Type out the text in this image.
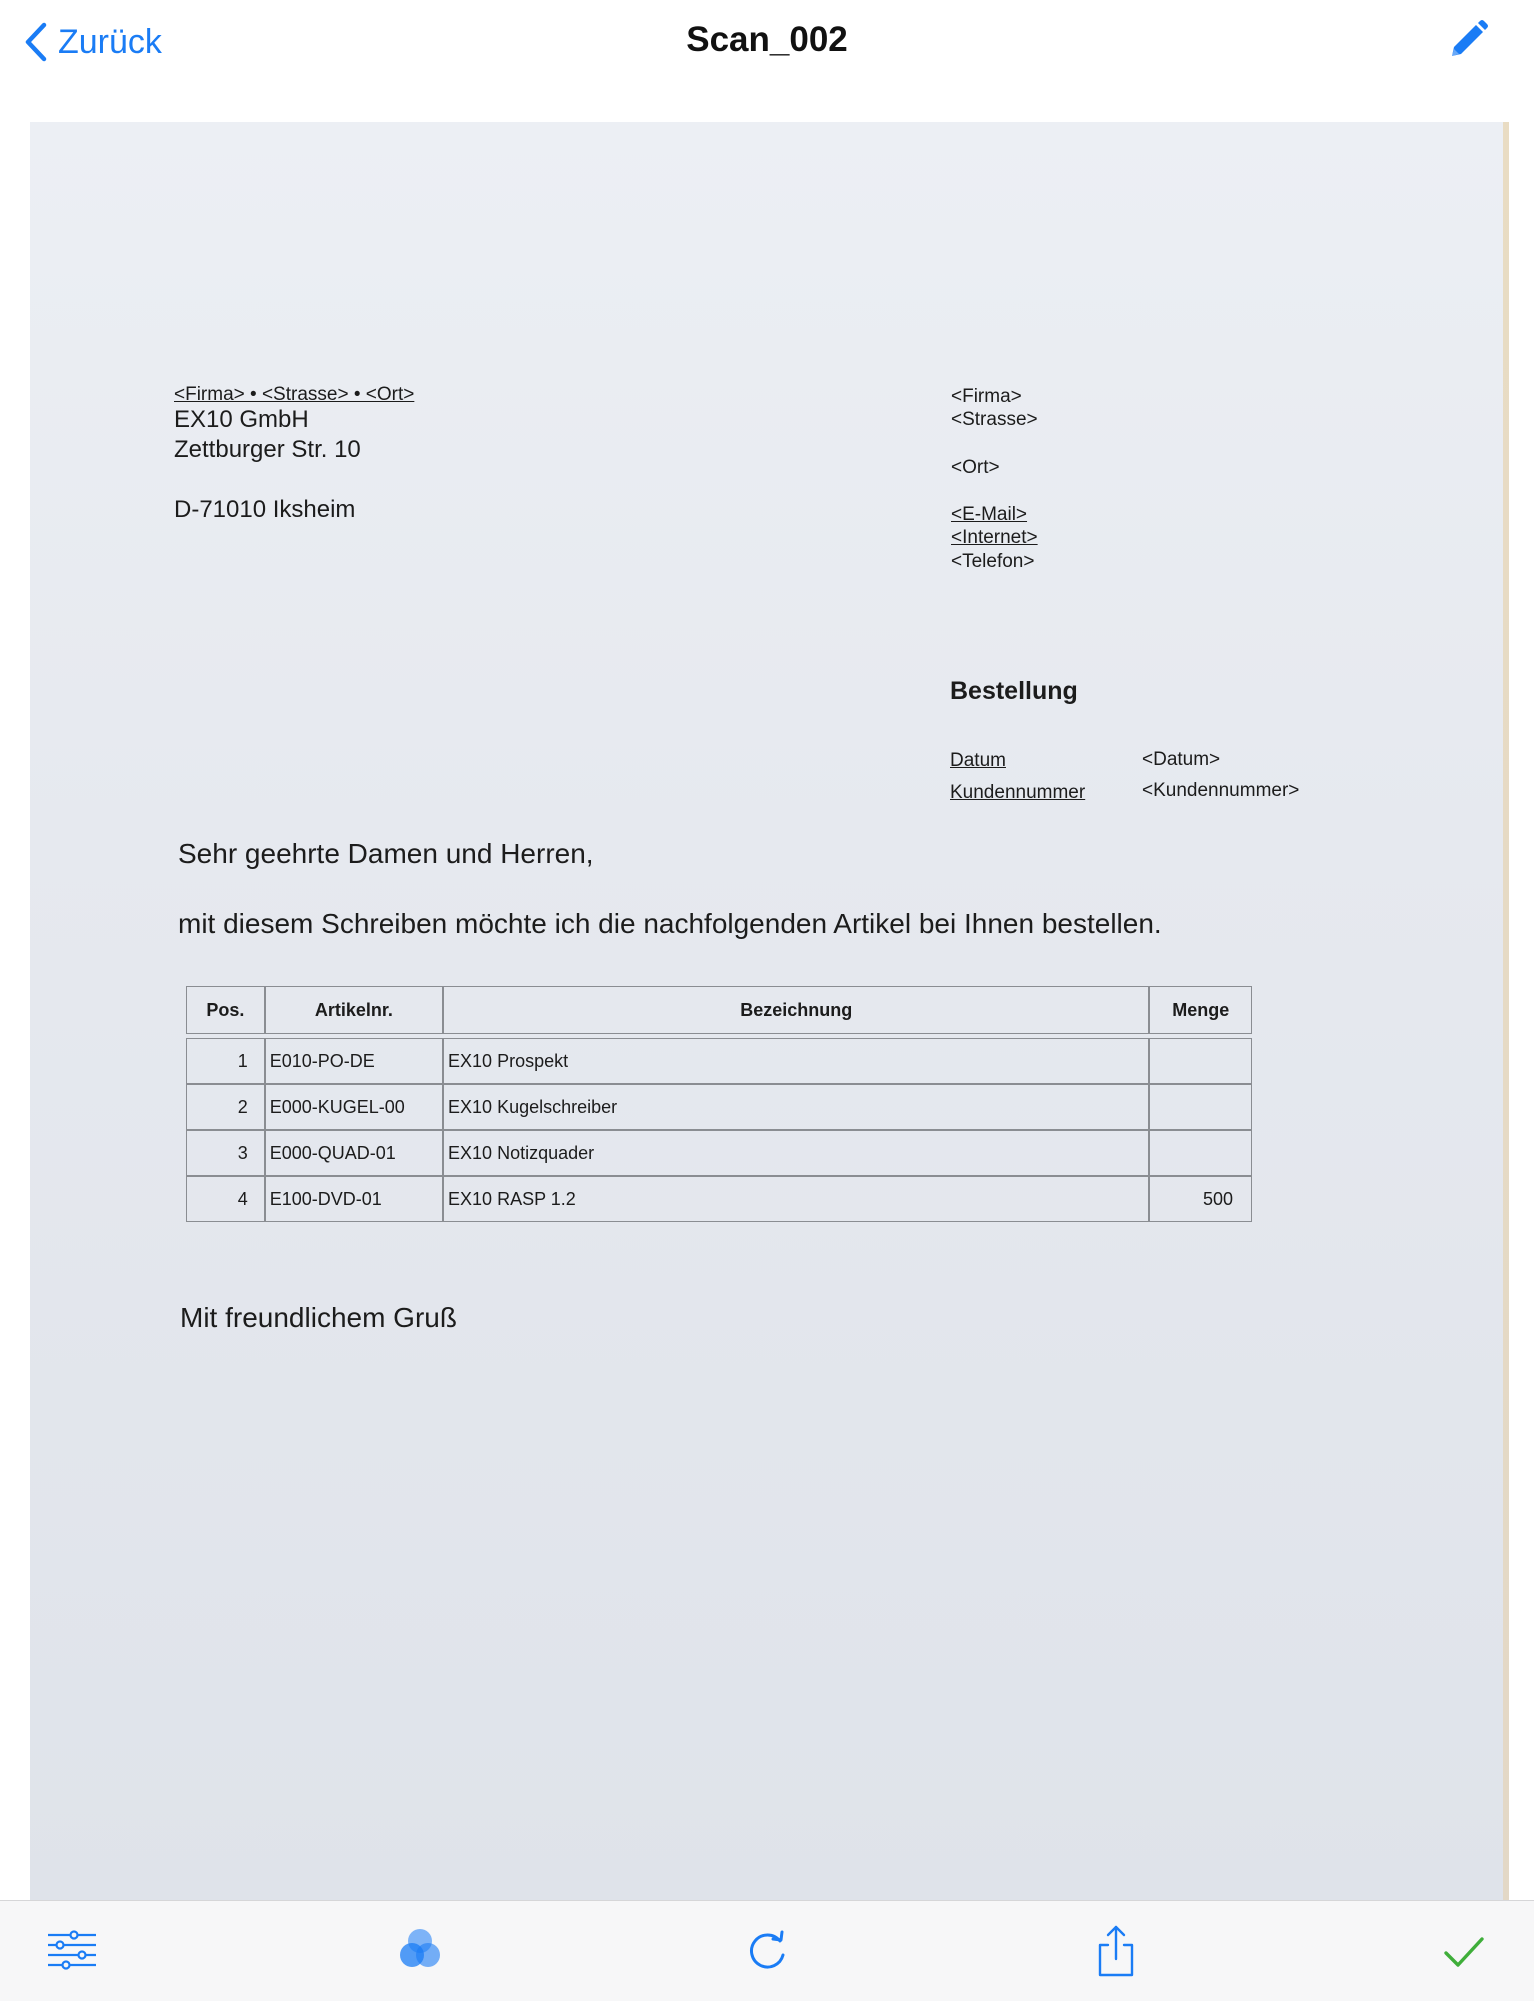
Zurück	Scan_002
<Firma> • <Strasse> • <Ort>
EX10 GmbH
Zettburger Str. 10
D-71010 Iksheim
<Firma>
<Strasse>
<Ort>
<E-Mail>
<Internet>
<Telefon>
Bestellung
Datum	<Datum>
Kundennummer	<Kundennummer>
Sehr geehrte Damen und Herren,
mit diesem Schreiben möchte ich die nachfolgenden Artikel bei Ihnen bestellen.
Pos.	Artikelnr.	Bezeichnung	Menge

1	E010-PO-DE	EX10 Prospekt	
2	E000-KUGEL-00	EX10 Kugelschreiber	
3	E000-QUAD-01	EX10 Notizquader	
4	E100-DVD-01	EX10 RASP 1.2	500
Mit freundlichem Gruß
